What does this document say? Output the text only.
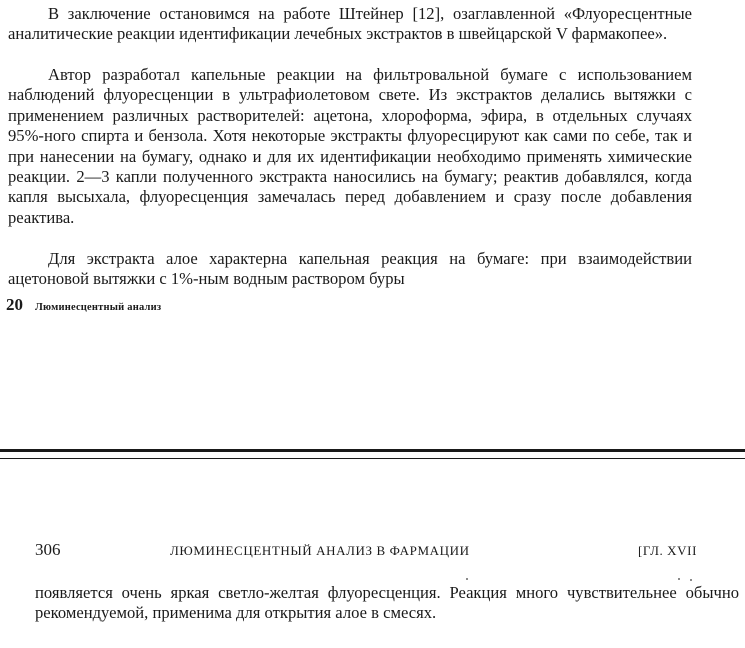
В заключение остановимся на работе Штейнер [12], озаглавленной «Флуоресцентные аналитические реакции идентификации лечебных экстрактов в швейцарской V фармакопее».

Автор разработал капельные реакции на фильтровальной бумаге с использованием наблюдений флуоресценции в ультрафиолетовом свете. Из экстрактов делались вытяжки с применением различных растворителей: ацетона, хлороформа, эфира, в отдельных случаях 95%-ного спирта и бензола. Хотя некоторые экстракты флуоресцируют как сами по себе, так и при нанесении на бумагу, однако и для их идентификации необходимо применять химические реакции. 2—3 капли полученного экстракта наносились на бумагу; реактив добавлялся, когда капля высыхала, флуоресценция замечалась перед добавлением и сразу после добавления реактива.

Для экстракта алое характерна капельная реакция на бумаге: при взаимодействии ацетоновой вытяжки с 1%-ным водным раствором буры

20 Люминесцентный анализ
306	ЛЮМИНЕСЦЕНТНЫЙ АНАЛИЗ В ФАРМАЦИИ	[ГЛ. XVII

появляется очень яркая светло-желтая флуоресценция. Реакция много чувствительнее обычно рекомендуемой, применима для открытия алое в смесях.
